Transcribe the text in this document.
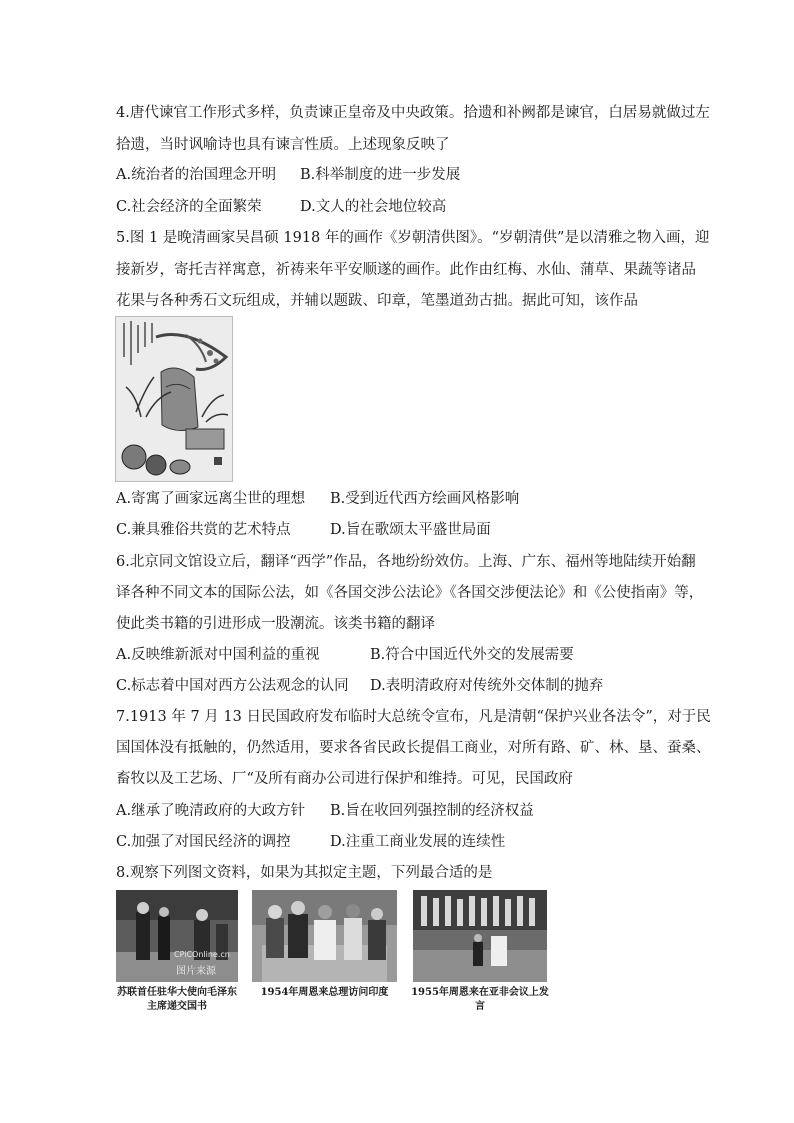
4.唐代谏官工作形式多样，负责谏正皇帝及中央政策。拾遗和补阙都是谏官，白居易就做过左
拾遗，当时讽喻诗也具有谏言性质。上述现象反映了
A.统治者的治国理念开明 B.科举制度的进一步发展
C.社会经济的全面繁荣	D.文人的社会地位较高
5.图 1 是晚清画家吴昌硕 1918 年的画作《岁朝清供图》。“岁朝清供”是以清雅之物入画，迎
接新岁，寄托吉祥寓意，祈祷来年平安顺遂的画作。此作由红梅、水仙、蒲草、果蔬等诸品
花果与各种秀石文玩组成，并辅以题跋、印章，笔墨道劲古拙。据此可知，该作品
A.寄寓了画家远离尘世的理想 B.受到近代西方绘画风格影响
C.兼具雅俗共赏的艺术特点	D.旨在歌颂太平盛世局面
6.北京同文馆设立后，翻译“西学”作品，各地纷纷效仿。上海、广东、福州等地陆续开始翻
译各种不同文本的国际公法，如《各国交涉公法论》《各国交涉便法论》和《公使指南》等，
使此类书籍的引进形成一股潮流。该类书籍的翻译
A.反映维新派对中国利益的重视	B.符合中国近代外交的发展需要
C.标志着中国对西方公法观念的认同 D.表明清政府对传统外交体制的抛弃
7.1913 年 7 月 13 日民国政府发布临时大总统令宣布，凡是清朝“保护兴业各法令”，对于民
国国体没有抵触的，仍然适用，要求各省民政长提倡工商业，对所有路、矿、林、垦、蚕桑、
畜牧以及工艺场、厂“及所有商办公司进行保护和维持。可见，民国政府
A.继承了晚清政府的大政方针 B.旨在收回列强控制的经济权益
C.加强了对国民经济的调控	D.注重工商业发展的连续性
8.观察下列图文资料，如果为其拟定主题，下列最合适的是
CPiCOnline.cn
图片来源
苏联首任驻华大使向毛泽东
主席递交国书
1954年周恩来总理访问印度	1955年周恩来在亚非会议上发言
